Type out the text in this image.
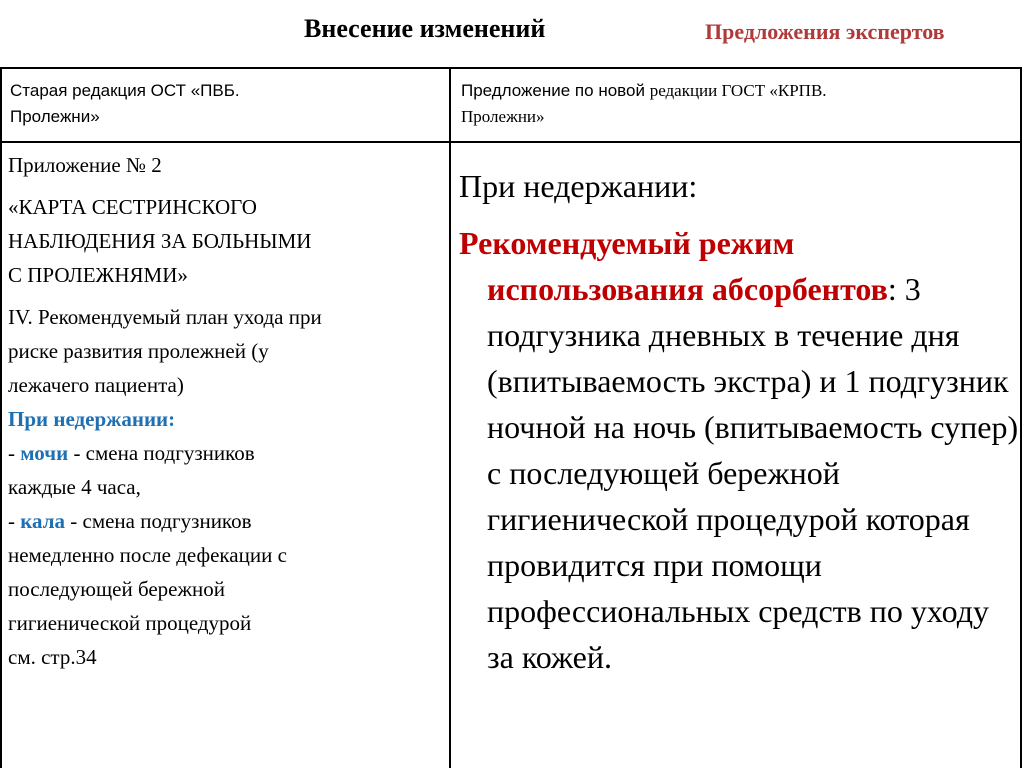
Внесение изменений	Предложения экспертов
Старая редакция ОСТ «ПВБ.
Пролежни»
Предложение по новой редакции ГОСТ «КРПВ.
Пролежни»

Приложение № 2

«КАРТА СЕСТРИНСКОГО

НАБЛЮДЕНИЯ ЗА БОЛЬНЫМИ

С ПРОЛЕЖНЯМИ»

IV. Рекомендуемый план ухода при

риске развития пролежней (у

лежачего пациента)

При недержании:

- мочи - смена подгузников

каждые 4 часа,

- кала - смена подгузников

немедленно после дефекации с

последующей бережной

гигиенической процедурой

см. стр.34

При недержании:

Рекомендуемый режим использования абсорбентов: 3 подгузника дневных в течение дня (впитываемость экстра) и 1 подгузник ночной на ночь (впитываемость супер) с последующей бережной гигиенической процедурой которая провидится при помощи профессиональных средств по уходу за кожей.
